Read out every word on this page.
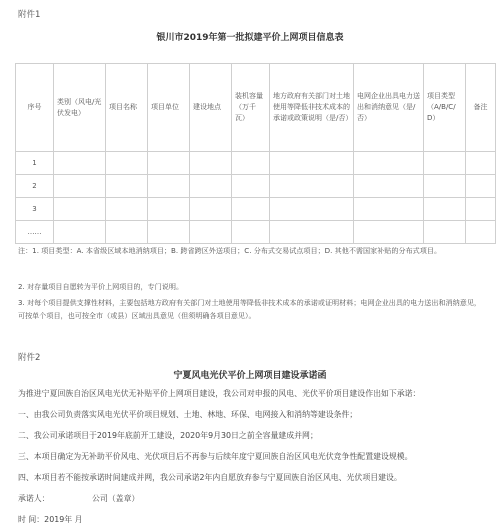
附件1
银川市2019年第一批拟建平价上网项目信息表
序号	类别（风电/光伏发电）	项目名称	项目单位	建设地点	装机容量（万千瓦）	地方政府有关部门对土地使用等降低非技术成本的承诺或政策说明（是/否）	电网企业出具电力送出和消纳意见（是/否）	项目类型（A/B/C/D）	备注
1									
2									
3									
……									
注：1. 项目类型：A. 本省级区域本地消纳项目；B. 跨省跨区外送项目；C. 分布式交易试点项目；D. 其他不需国家补贴的分布式项目。
2. 对存量项目自愿转为平价上网项目的，专门说明。
3. 对每个项目提供支撑性材料，主要包括地方政府有关部门对土地使用等降低非技术成本的承诺或证明材料；电网企业出具的电力送出和消纳意见，可按单个项目，也可按全市（或县）区域出具意见（但须明确各项目意见）。
附件2
宁夏风电光伏平价上网项目建设承诺函
为推进宁夏回族自治区风电光伏无补贴平价上网项目建设，我公司对申报的风电、光伏平价项目建设作出如下承诺：
一、由我公司负责落实风电光伏平价项目规划、土地、林地、环保、电网接入和消纳等建设条件；
二、我公司承诺项目于2019年底前开工建设，2020年9月30日之前全容量建成并网；
三、本项目确定为无补助平价风电、光伏项目后不再参与后续年度宁夏回族自治区风电光伏竞争性配置建设规模。
四、本项目若不能按承诺时间建成并网，我公司承诺2年内自愿放弃参与宁夏回族自治区风电、光伏项目建设。
承诺人：	公司（盖章）
时 间：2019年 月
